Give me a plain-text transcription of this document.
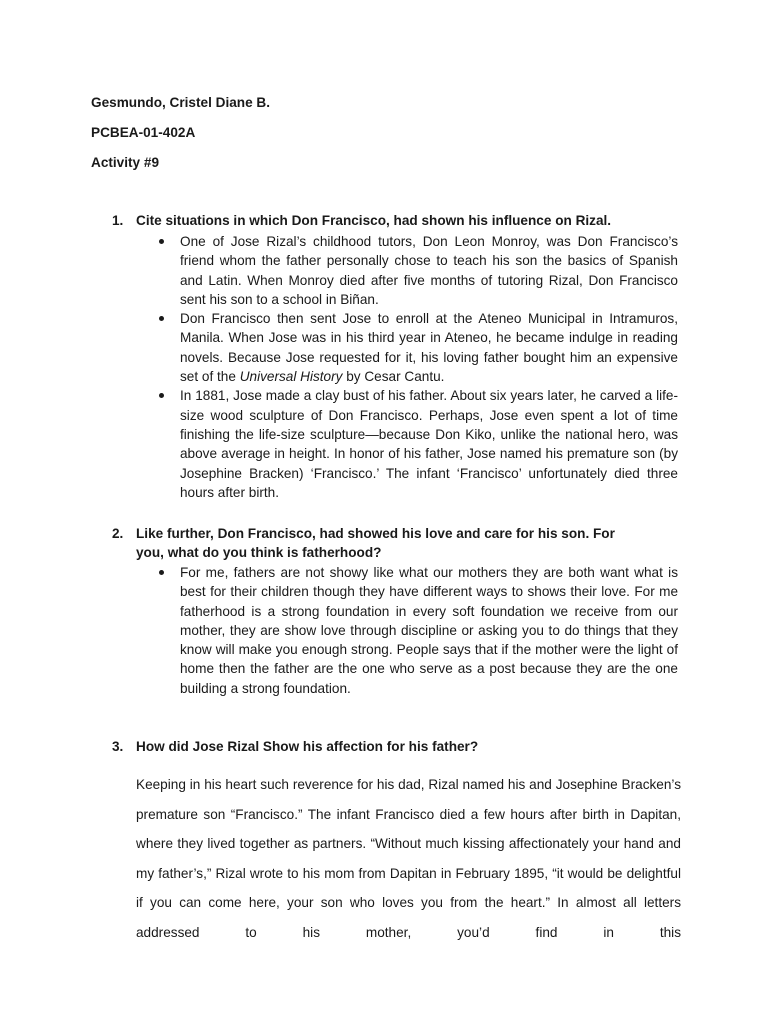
Gesmundo, Cristel Diane B.
PCBEA-01-402A
Activity #9
1. Cite situations in which Don Francisco, had shown his influence on Rizal.
One of Jose Rizal’s childhood tutors, Don Leon Monroy, was Don Francisco’s friend whom the father personally chose to teach his son the basics of Spanish and Latin. When Monroy died after five months of tutoring Rizal, Don Francisco sent his son to a school in Biñan.
Don Francisco then sent Jose to enroll at the Ateneo Municipal in Intramuros, Manila. When Jose was in his third year in Ateneo, he became indulge in reading novels. Because Jose requested for it, his loving father bought him an expensive set of the Universal History by Cesar Cantu.
In 1881, Jose made a clay bust of his father. About six years later, he carved a life-size wood sculpture of Don Francisco. Perhaps, Jose even spent a lot of time finishing the life-size sculpture—because Don Kiko, unlike the national hero, was above average in height. In honor of his father, Jose named his premature son (by Josephine Bracken) ‘Francisco.’ The infant ‘Francisco’ unfortunately died three hours after birth.
2. Like further, Don Francisco, had showed his love and care for his son. For
you, what do you think is fatherhood?
For me, fathers are not showy like what our mothers they are both want what is best for their children though they have different ways to shows their love. For me fatherhood is a strong foundation in every soft foundation we receive from our mother, they are show love through discipline or asking you to do things that they know will make you enough strong. People says that if the mother were the light of home then the father are the one who serve as a post because they are the one building a strong foundation.
3. How did Jose Rizal Show his affection for his father?
Keeping in his heart such reverence for his dad, Rizal named his and Josephine Bracken’s premature son “Francisco.” The infant Francisco died a few hours after birth in Dapitan, where they lived together as partners. “Without much kissing affectionately your hand and my father’s,” Rizal wrote to his mom from Dapitan in February 1895, “it would be delightful if you can come here, your son who loves you from the heart.” In almost all letters addressed to his mother, you’d find in this
